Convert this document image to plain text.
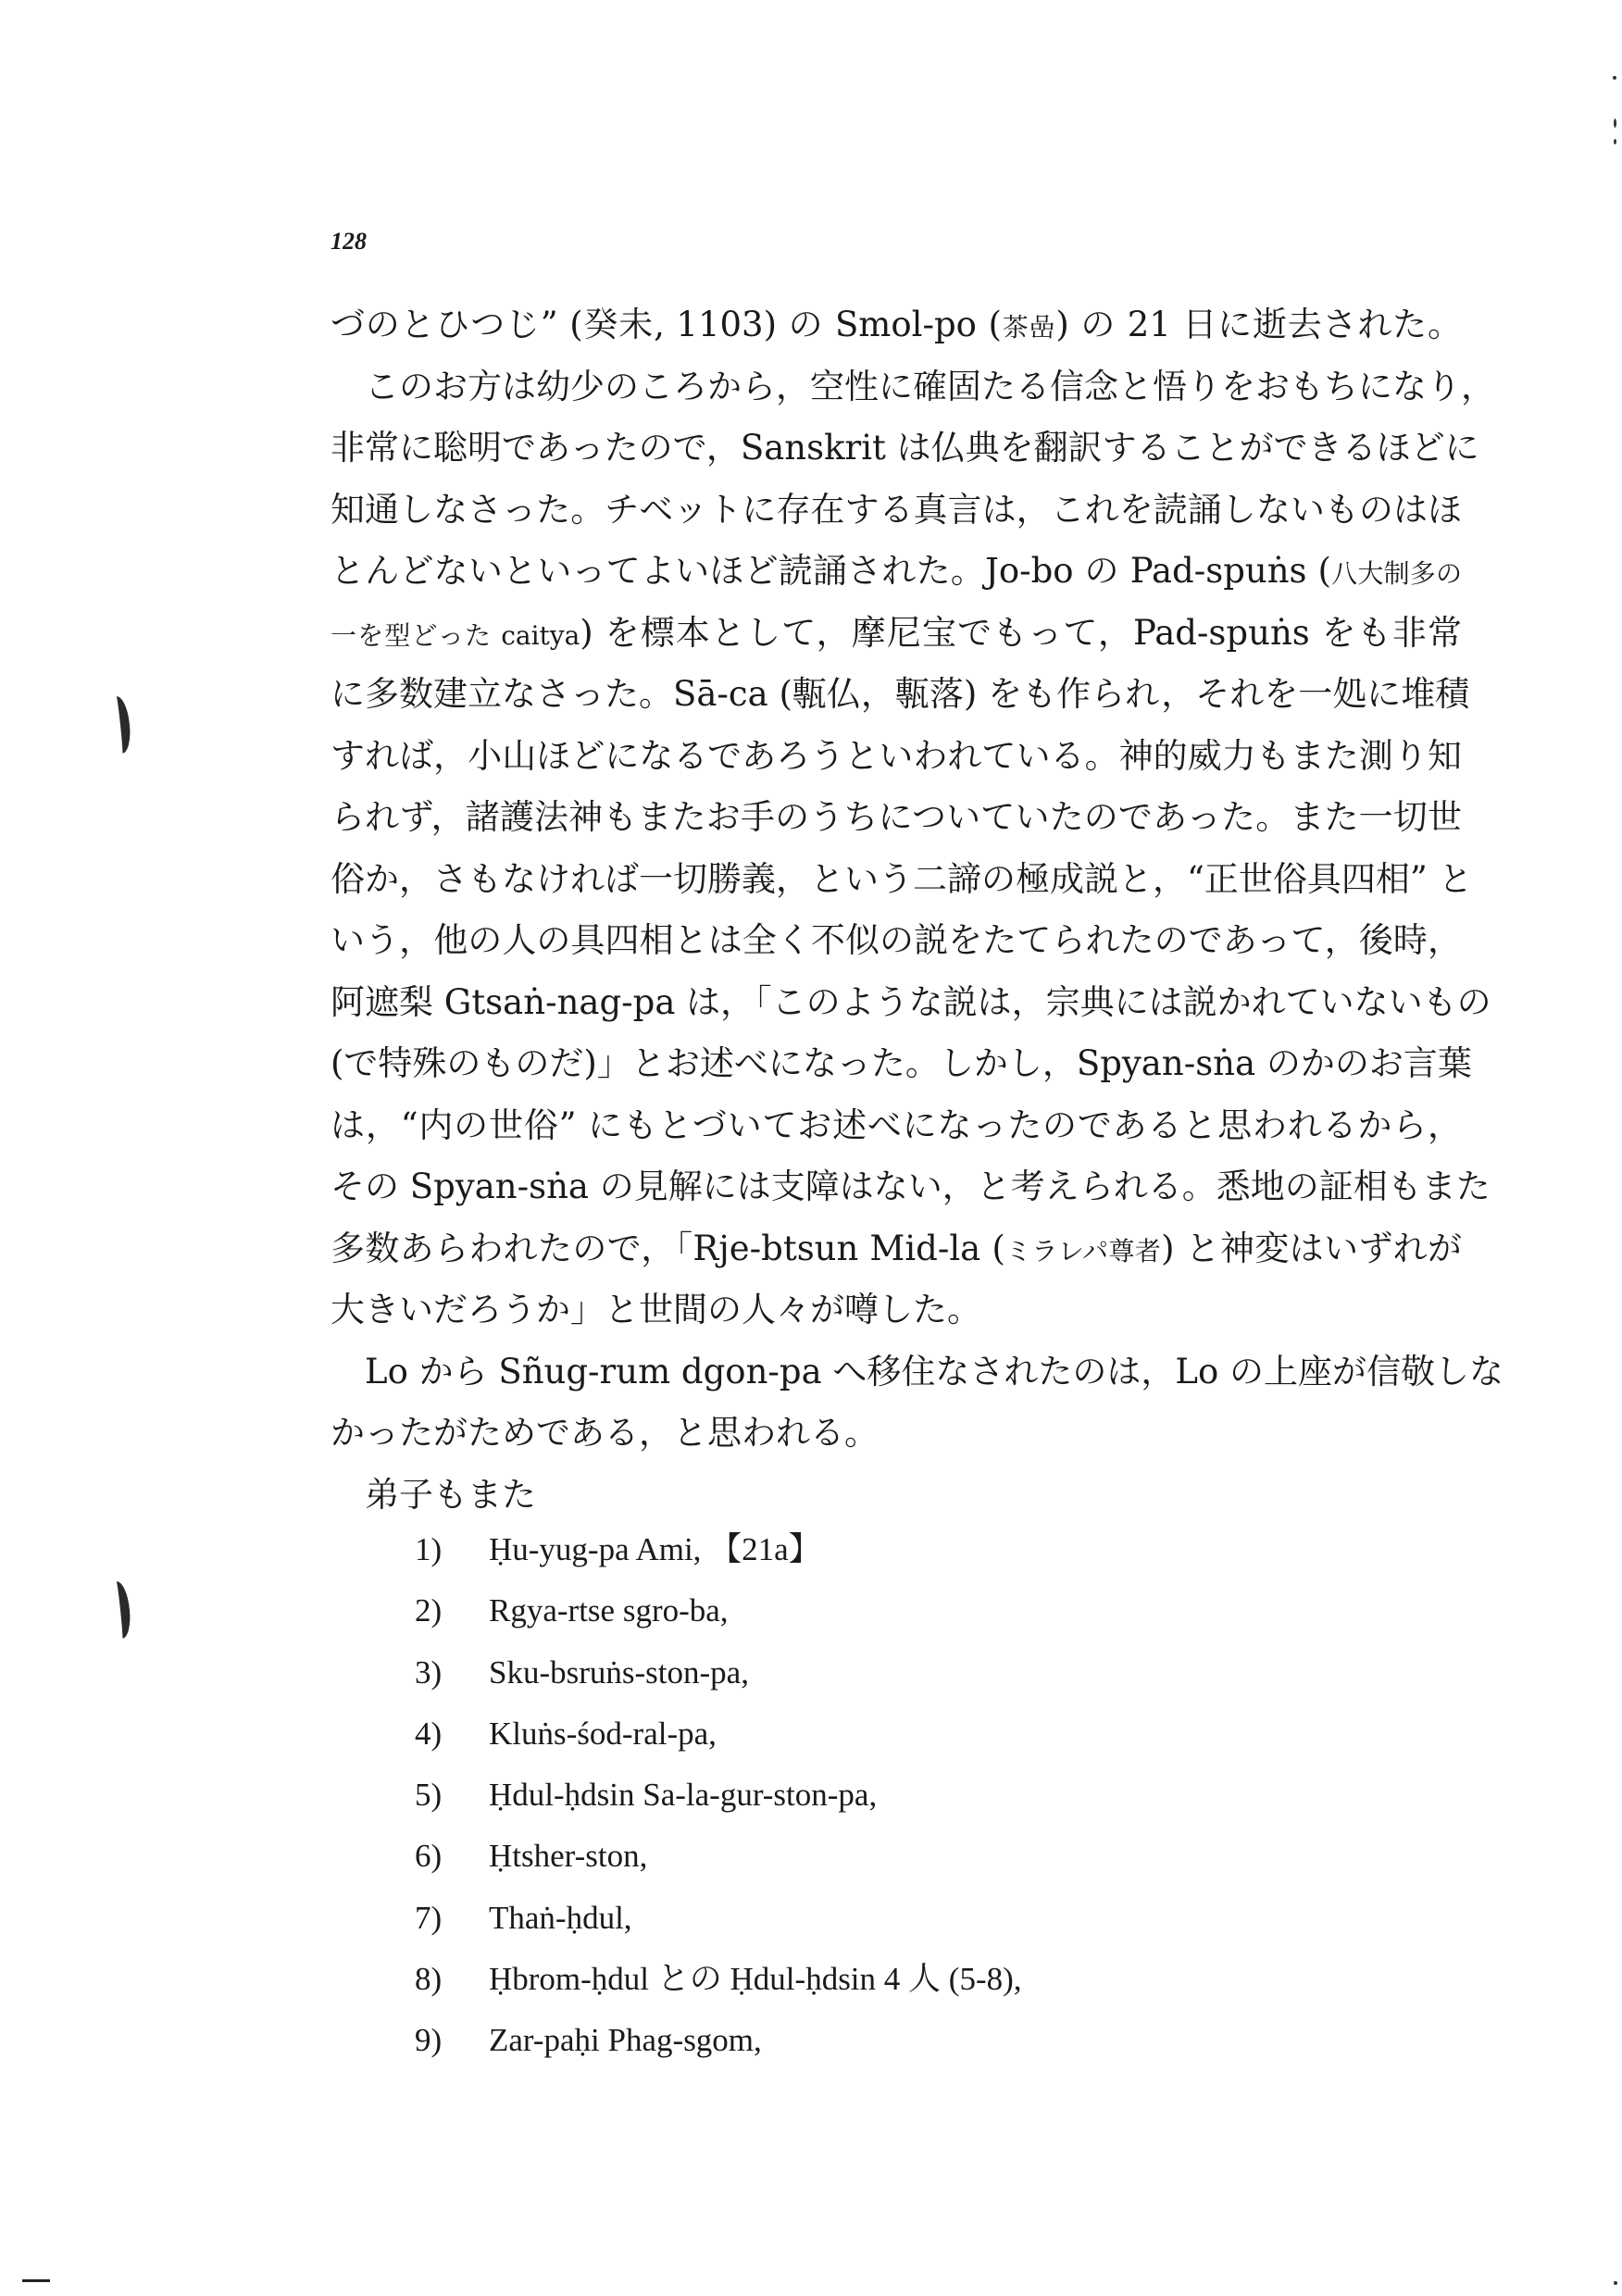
128
づのとひつじ” (癸未, 1103) の Smol-po (茶嵒) の 21 日に逝去された。
このお方は幼少のころから，空性に確固たる信念と悟りをおもちになり，
非常に聡明であったので，Sanskrit は仏典を翻訳することができるほどに
知通しなさった。チベットに存在する真言は，これを読誦しないものはほ
とんどないといってよいほど読誦された。Jo-bo の Pad-spuṅs (八大制多の
一を型どった caitya) を標本として，摩尼宝でもって，Pad-spuṅs をも非常
に多数建立なさった。Sā-ca (甎仏，甎落) をも作られ，それを一処に堆積
すれば，小山ほどになるであろうといわれている。神的威力もまた測り知
られず，諸護法神もまたお手のうちについていたのであった。また一切世
俗か，さもなければ一切勝義，という二諦の極成説と，“正世俗具四相” と
いう，他の人の具四相とは全く不似の説をたてられたのであって，後時，
阿遮梨 Gtsaṅ-nag-pa は，「このような説は，宗典には説かれていないもの
(で特殊のものだ)」とお述べになった。しかし，Spyan-sṅa のかのお言葉
は，“内の世俗” にもとづいてお述べになったのであると思われるから，
その Spyan-sṅa の見解には支障はない，と考えられる。悉地の証相もまた
多数あらわれたので，「Rje-btsun Mid-la (ミラレパ尊者) と神変はいずれが
大きいだろうか」と世間の人々が噂した。
Lo から Sñug-rum dgon-pa へ移住なされたのは，Lo の上座が信敬しな
かったがためである，と思われる。
弟子もまた
1)	Ḥu-yug-pa Ami, 【21a】
2)	Rgya-rtse sgro-ba,
3)	Sku-bsruṅs-ston-pa,
4)	Kluṅs-śod-ral-pa,
5)	Ḥdul-ḥdsin Sa-la-gur-ston-pa,
6)	Ḥtsher-ston,
7)	Thaṅ-ḥdul,
8)	Ḥbrom-ḥdul との Ḥdul-ḥdsin 4 人 (5-8),
9)	Zar-paḥi Phag-sgom,
